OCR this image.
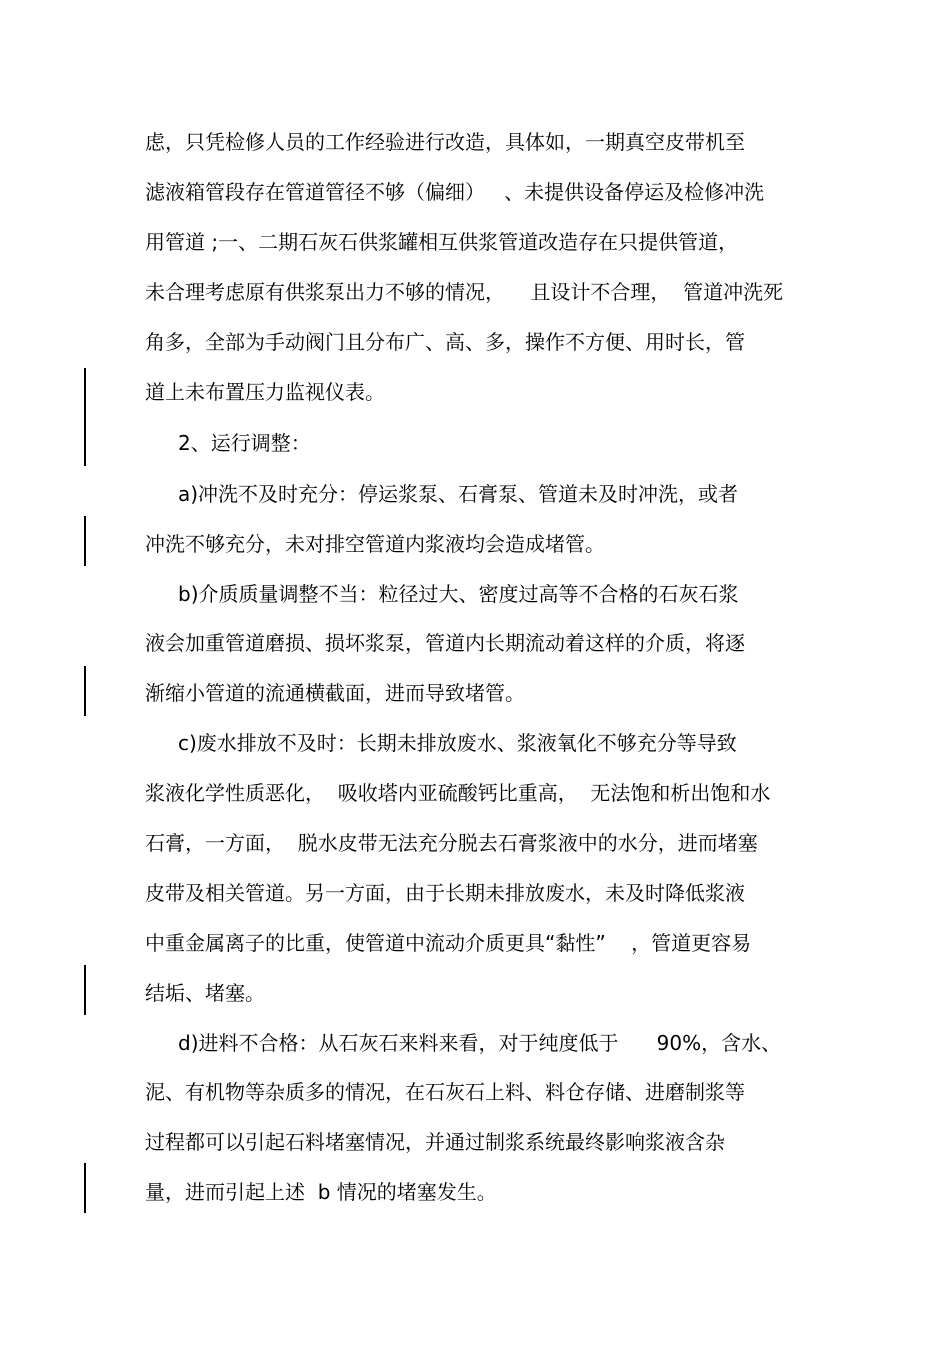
虑，只凭检修人员的工作经验进行改造，具体如，一期真空皮带机至
滤液箱管段存在管道管径不够（偏细）   、未提供设备停运及检修冲洗
用管道 ;一、二期石灰石供浆罐相互供浆管道改造存在只提供管道，
未合理考虑原有供浆泵出力不够的情况，    且设计不合理，  管道冲洗死
角多，全部为手动阀门且分布广、高、多，操作不方便、用时长，管
道上未布置压力监视仪表。
2、运行调整：
a)冲洗不及时充分：停运浆泵、石膏泵、管道未及时冲洗，或者
冲洗不够充分，未对排空管道内浆液均会造成堵管。
b)介质质量调整不当：粒径过大、密度过高等不合格的石灰石浆
液会加重管道磨损、损坏浆泵，管道内长期流动着这样的介质，将逐
渐缩小管道的流通横截面，进而导致堵管。
c)废水排放不及时：长期未排放废水、浆液氧化不够充分等导致
浆液化学性质恶化，  吸收塔内亚硫酸钙比重高，  无法饱和析出饱和水
石膏，一方面，  脱水皮带无法充分脱去石膏浆液中的水分，进而堵塞
皮带及相关管道。另一方面，由于长期未排放废水，未及时降低浆液
中重金属离子的比重，使管道中流动介质更具“黏性”    ，管道更容易
结垢、堵塞。
d)进料不合格：从石灰石来料来看，对于纯度低于      90%，含水、
泥、有机物等杂质多的情况，在石灰石上料、料仓存储、进磨制浆等
过程都可以引起石料堵塞情况，并通过制浆系统最终影响浆液含杂
量，进而引起上述  b 情况的堵塞发生。
